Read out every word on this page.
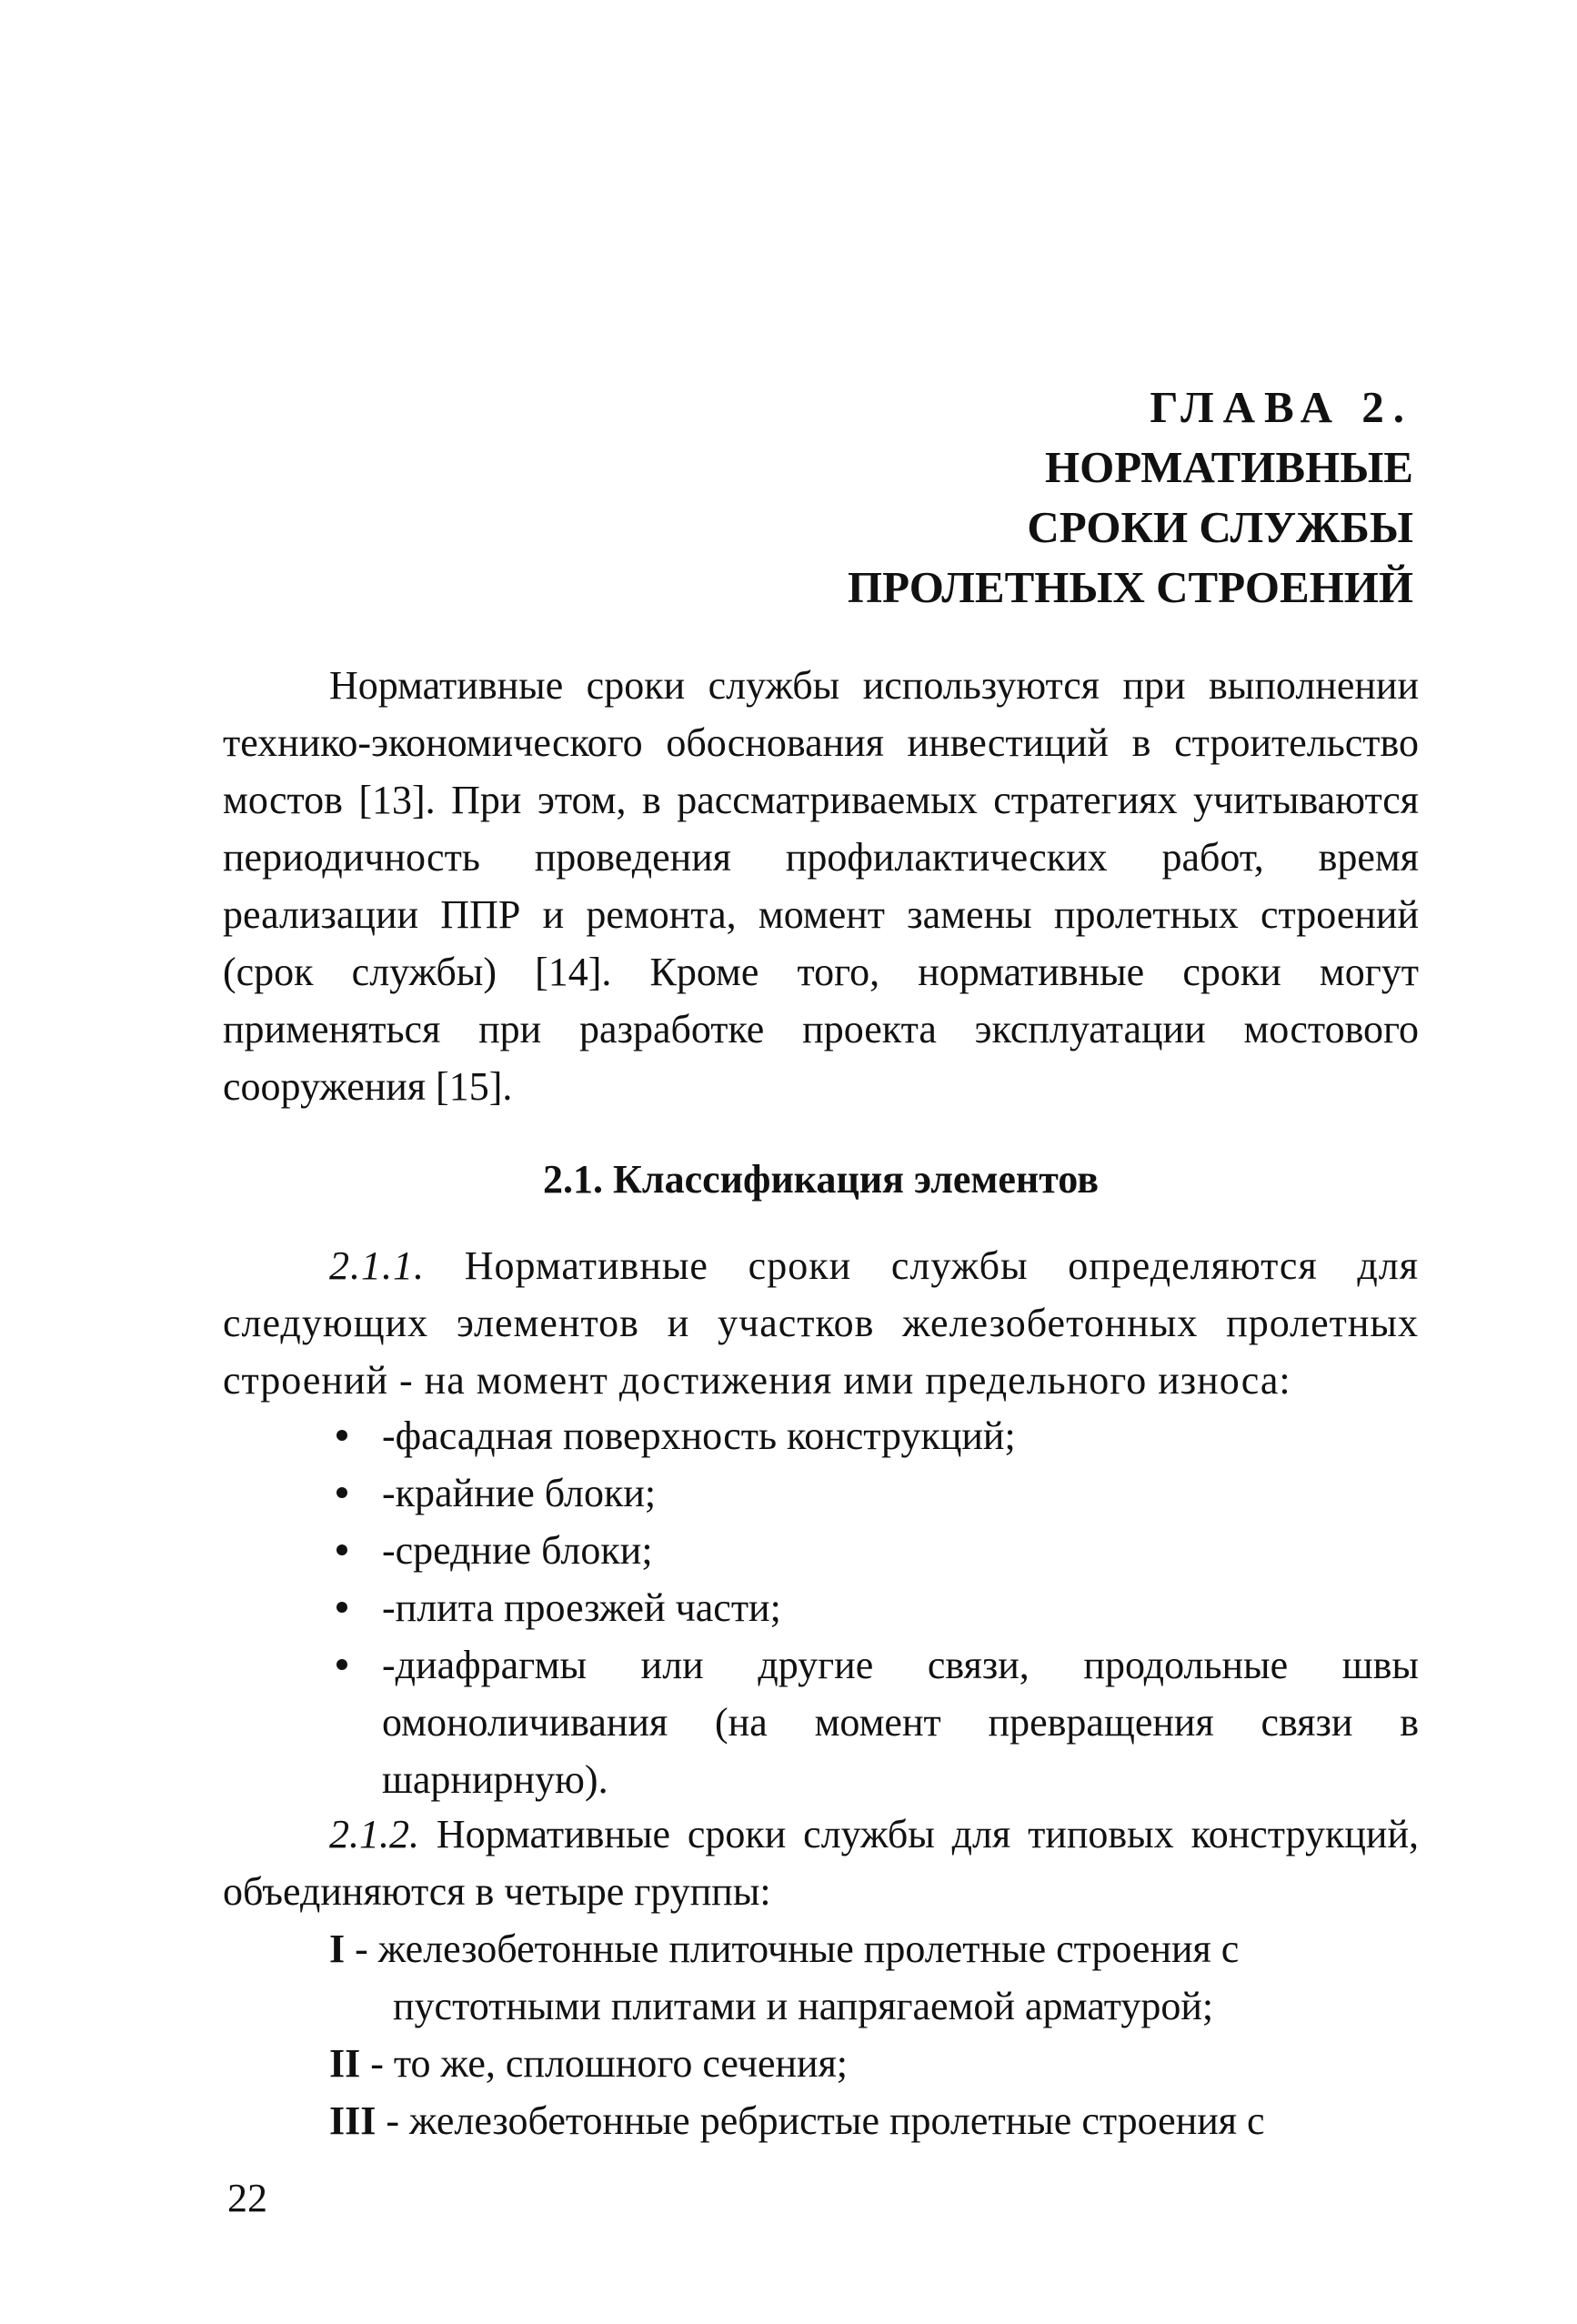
ГЛАВА 2.
НОРМАТИВНЫЕ
СРОКИ СЛУЖБЫ
ПРОЛЕТНЫХ СТРОЕНИЙ

Нормативные сроки службы используются при выполнении технико-экономического обоснования инвестиций в строительство мостов [13]. При этом, в рассматриваемых стратегиях учитываются периодичность проведения профилактических работ, время реализации ППР и ремонта, момент замены пролетных строений (срок службы) [14]. Кроме того, нормативные сроки могут применяться при разработке проекта эксплуатации мостового сооружения [15].

2.1. Классификация элементов

2.1.1. Нормативные сроки службы определяются для следующих элементов и участков железобетонных пролетных строений - на момент достижения ими предельного износа:

-фасадная поверхность конструкций;
-крайние блоки;
-средние блоки;
-плита проезжей части;
-диафрагмы или другие связи, продольные швы омоноличивания (на момент превращения связи в шарнирную).

2.1.2. Нормативные сроки службы для типовых конструкций, объединяются в четыре группы:

I - железобетонные плиточные пролетные строения с пустотными плитами и напрягаемой арматурой;
II - то же, сплошного сечения;
III - железобетонные ребристые пролетные строения с

22
